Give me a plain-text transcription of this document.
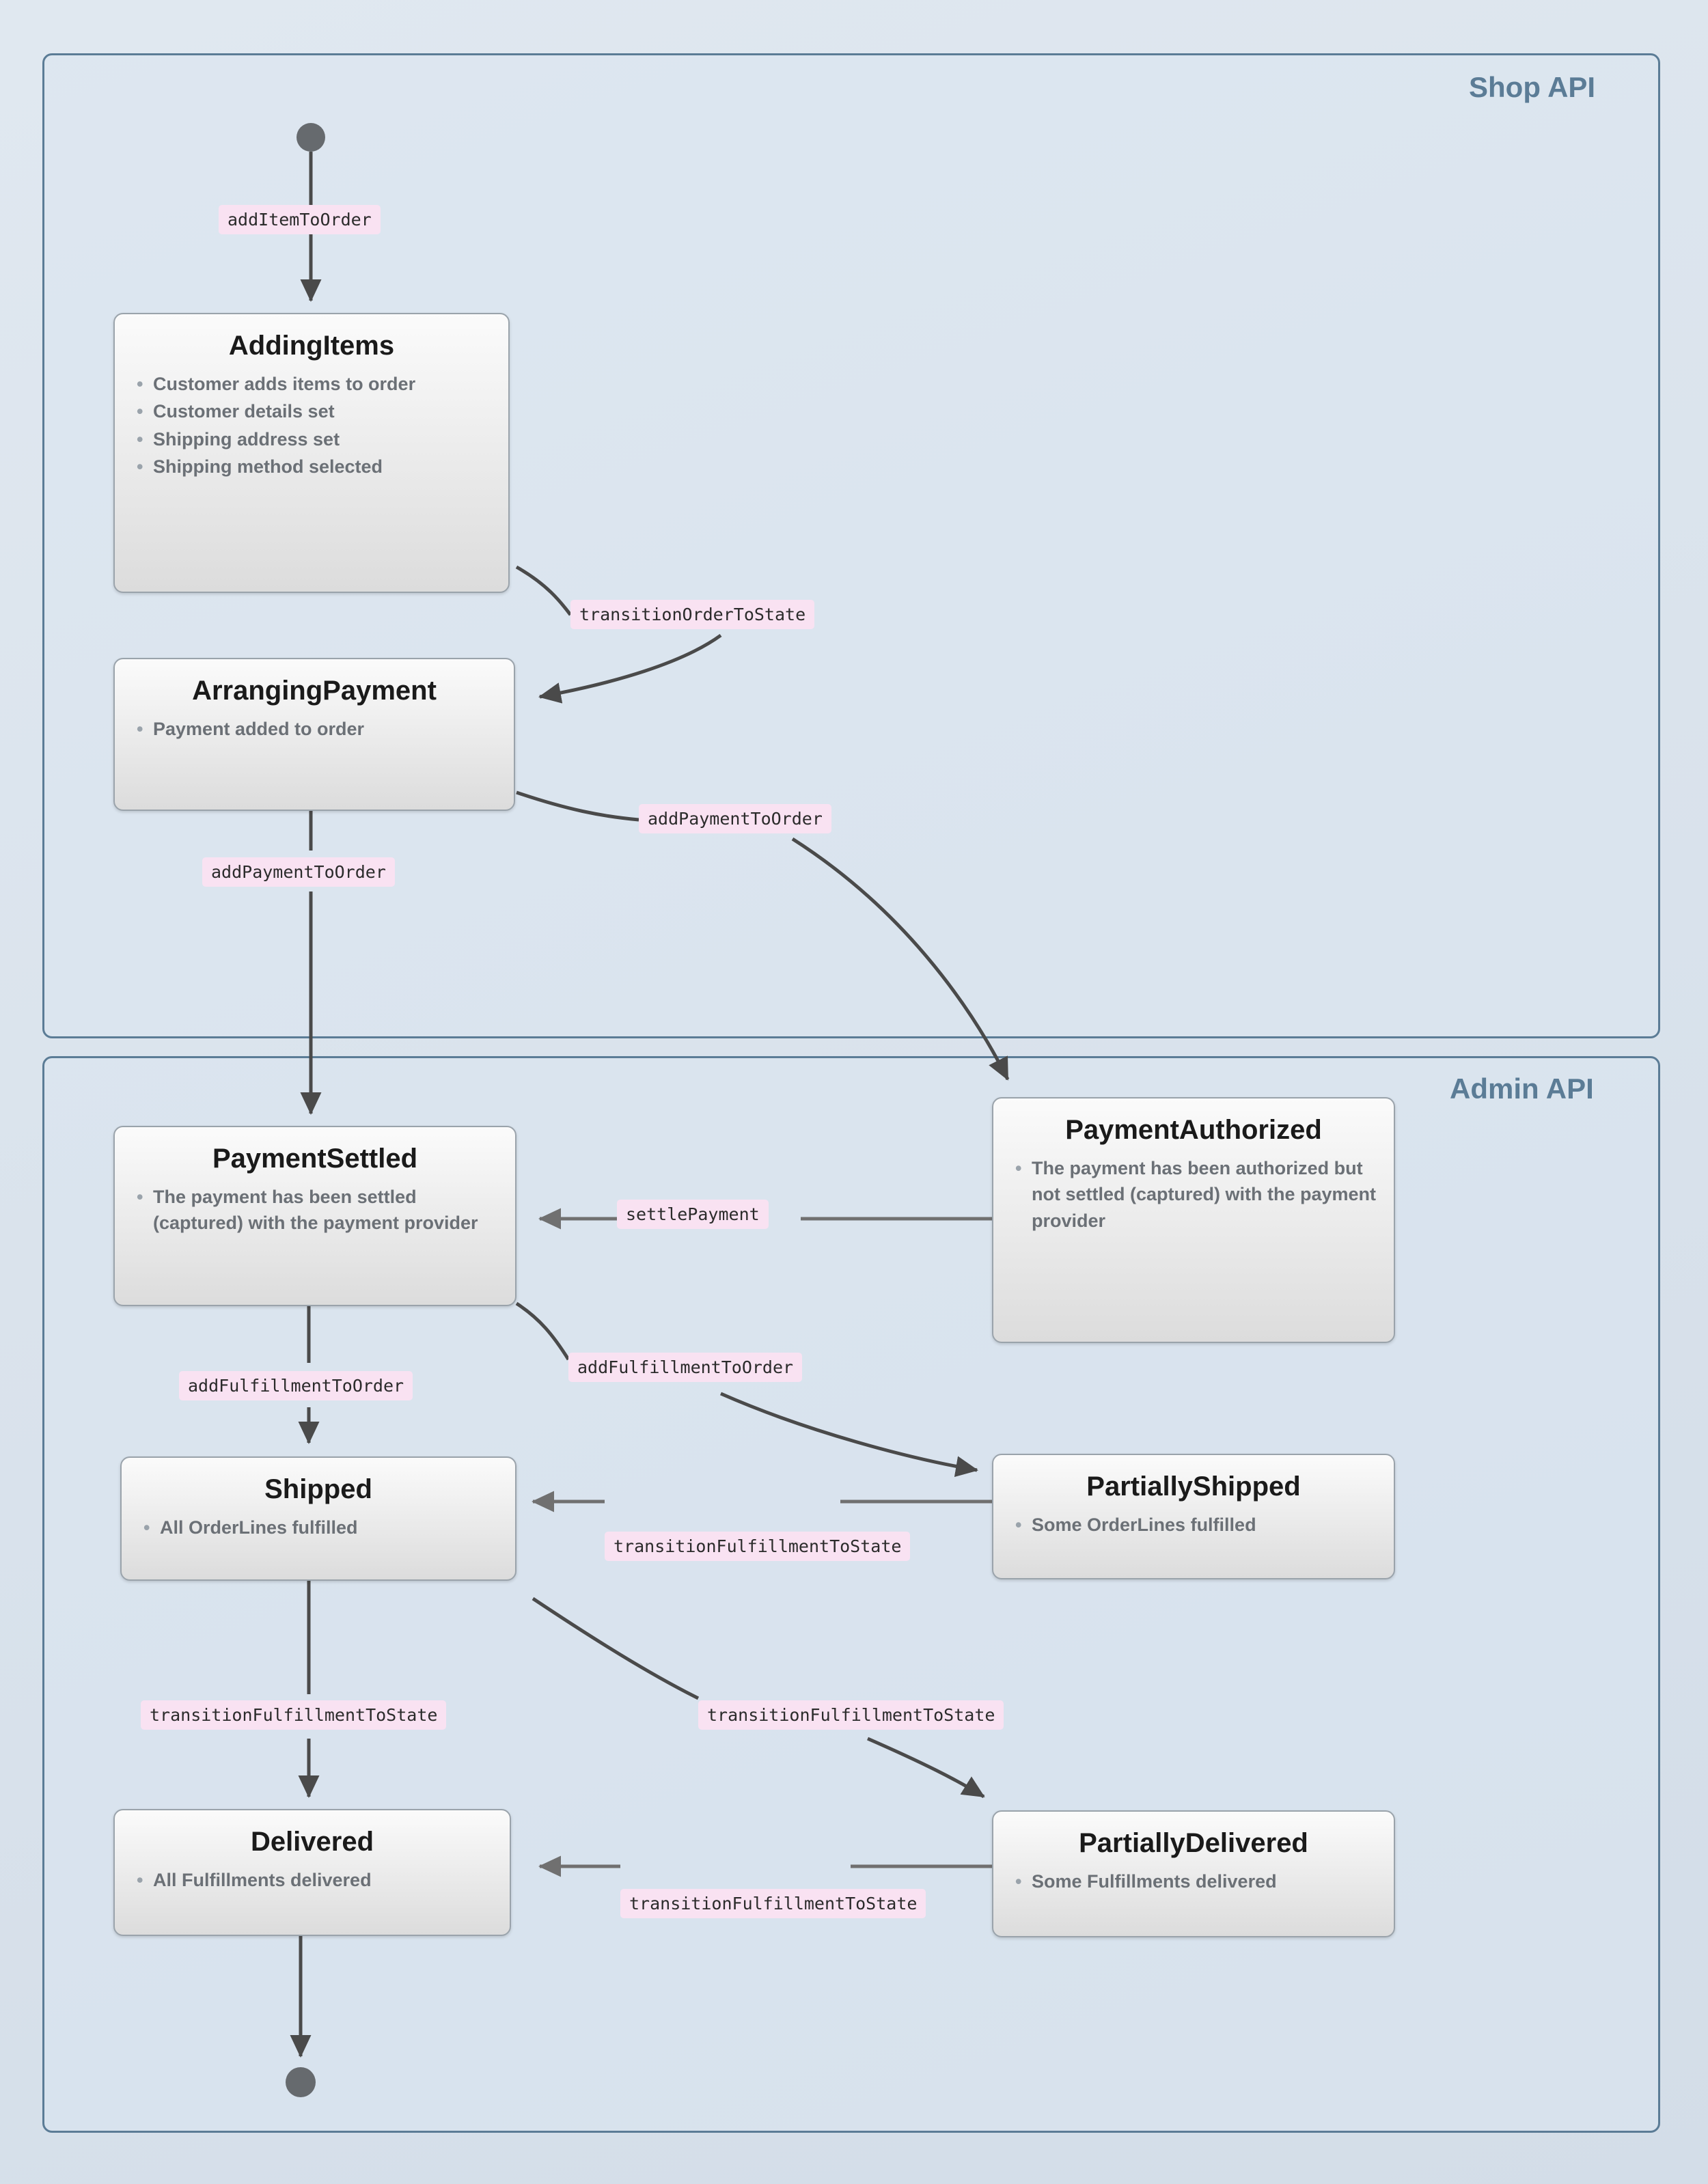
Shop API
Admin API
AddingItems
• Customer adds items to order
• Customer details set
• Shipping address set
• Shipping method selected
ArrangingPayment
• Payment added to order
PaymentSettled
• The payment has been settled (captured) with the payment provider
PaymentAuthorized
• The payment has been authorized but not settled (captured) with the payment provider
Shipped
• All OrderLines fulfilled
PartiallyShipped
• Some OrderLines fulfilled
Delivered
• All Fulfillments delivered
PartiallyDelivered
• Some Fulfillments delivered
addItemToOrder
transitionOrderToState
addPaymentToOrder
addPaymentToOrder
settlePayment
addFulfillmentToOrder
addFulfillmentToOrder
transitionFulfillmentToState
transitionFulfillmentToState	transitionFulfillmentToState
transitionFulfillmentToState
